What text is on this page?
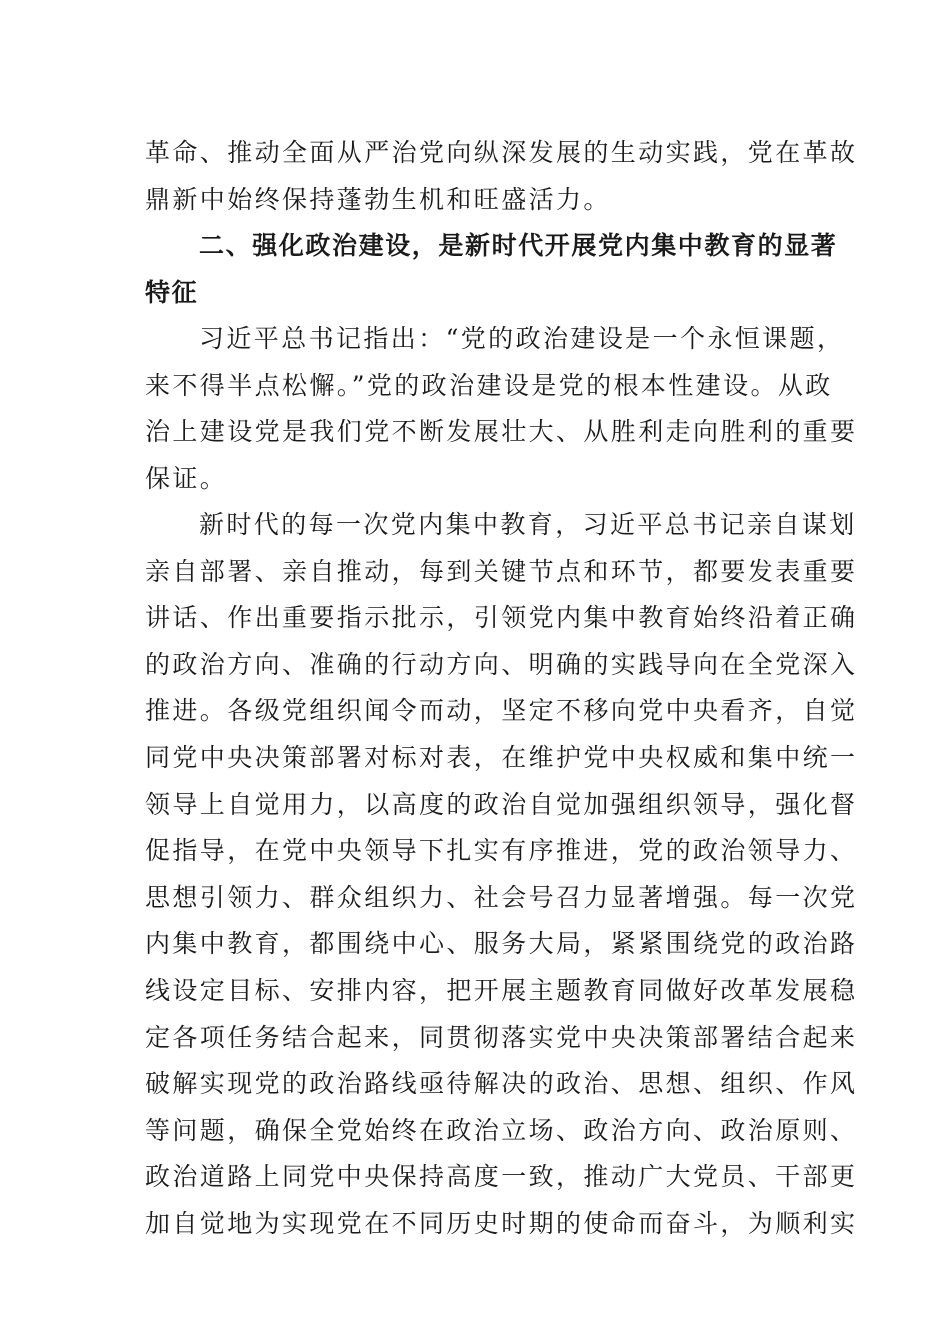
革命、推动全面从严治党向纵深发展的生动实践，党在革故
鼎新中始终保持蓬勃生机和旺盛活力。
二、强化政治建设，是新时代开展党内集中教育的显著
特征
习近平总书记指出：“党的政治建设是一个永恒课题，
来不得半点松懈。”党的政治建设是党的根本性建设。从政
治上建设党是我们党不断发展壮大、从胜利走向胜利的重要
保证。
新时代的每一次党内集中教育，习近平总书记亲自谋划
亲自部署、亲自推动，每到关键节点和环节，都要发表重要
讲话、作出重要指示批示，引领党内集中教育始终沿着正确
的政治方向、准确的行动方向、明确的实践导向在全党深入
推进。各级党组织闻令而动，坚定不移向党中央看齐，自觉
同党中央决策部署对标对表，在维护党中央权威和集中统一
领导上自觉用力，以高度的政治自觉加强组织领导，强化督
促指导，在党中央领导下扎实有序推进，党的政治领导力、
思想引领力、群众组织力、社会号召力显著增强。每一次党
内集中教育，都围绕中心、服务大局，紧紧围绕党的政治路
线设定目标、安排内容，把开展主题教育同做好改革发展稳
定各项任务结合起来，同贯彻落实党中央决策部署结合起来
破解实现党的政治路线亟待解决的政治、思想、组织、作风
等问题，确保全党始终在政治立场、政治方向、政治原则、
政治道路上同党中央保持高度一致，推动广大党员、干部更
加自觉地为实现党在不同历史时期的使命而奋斗，为顺利实
